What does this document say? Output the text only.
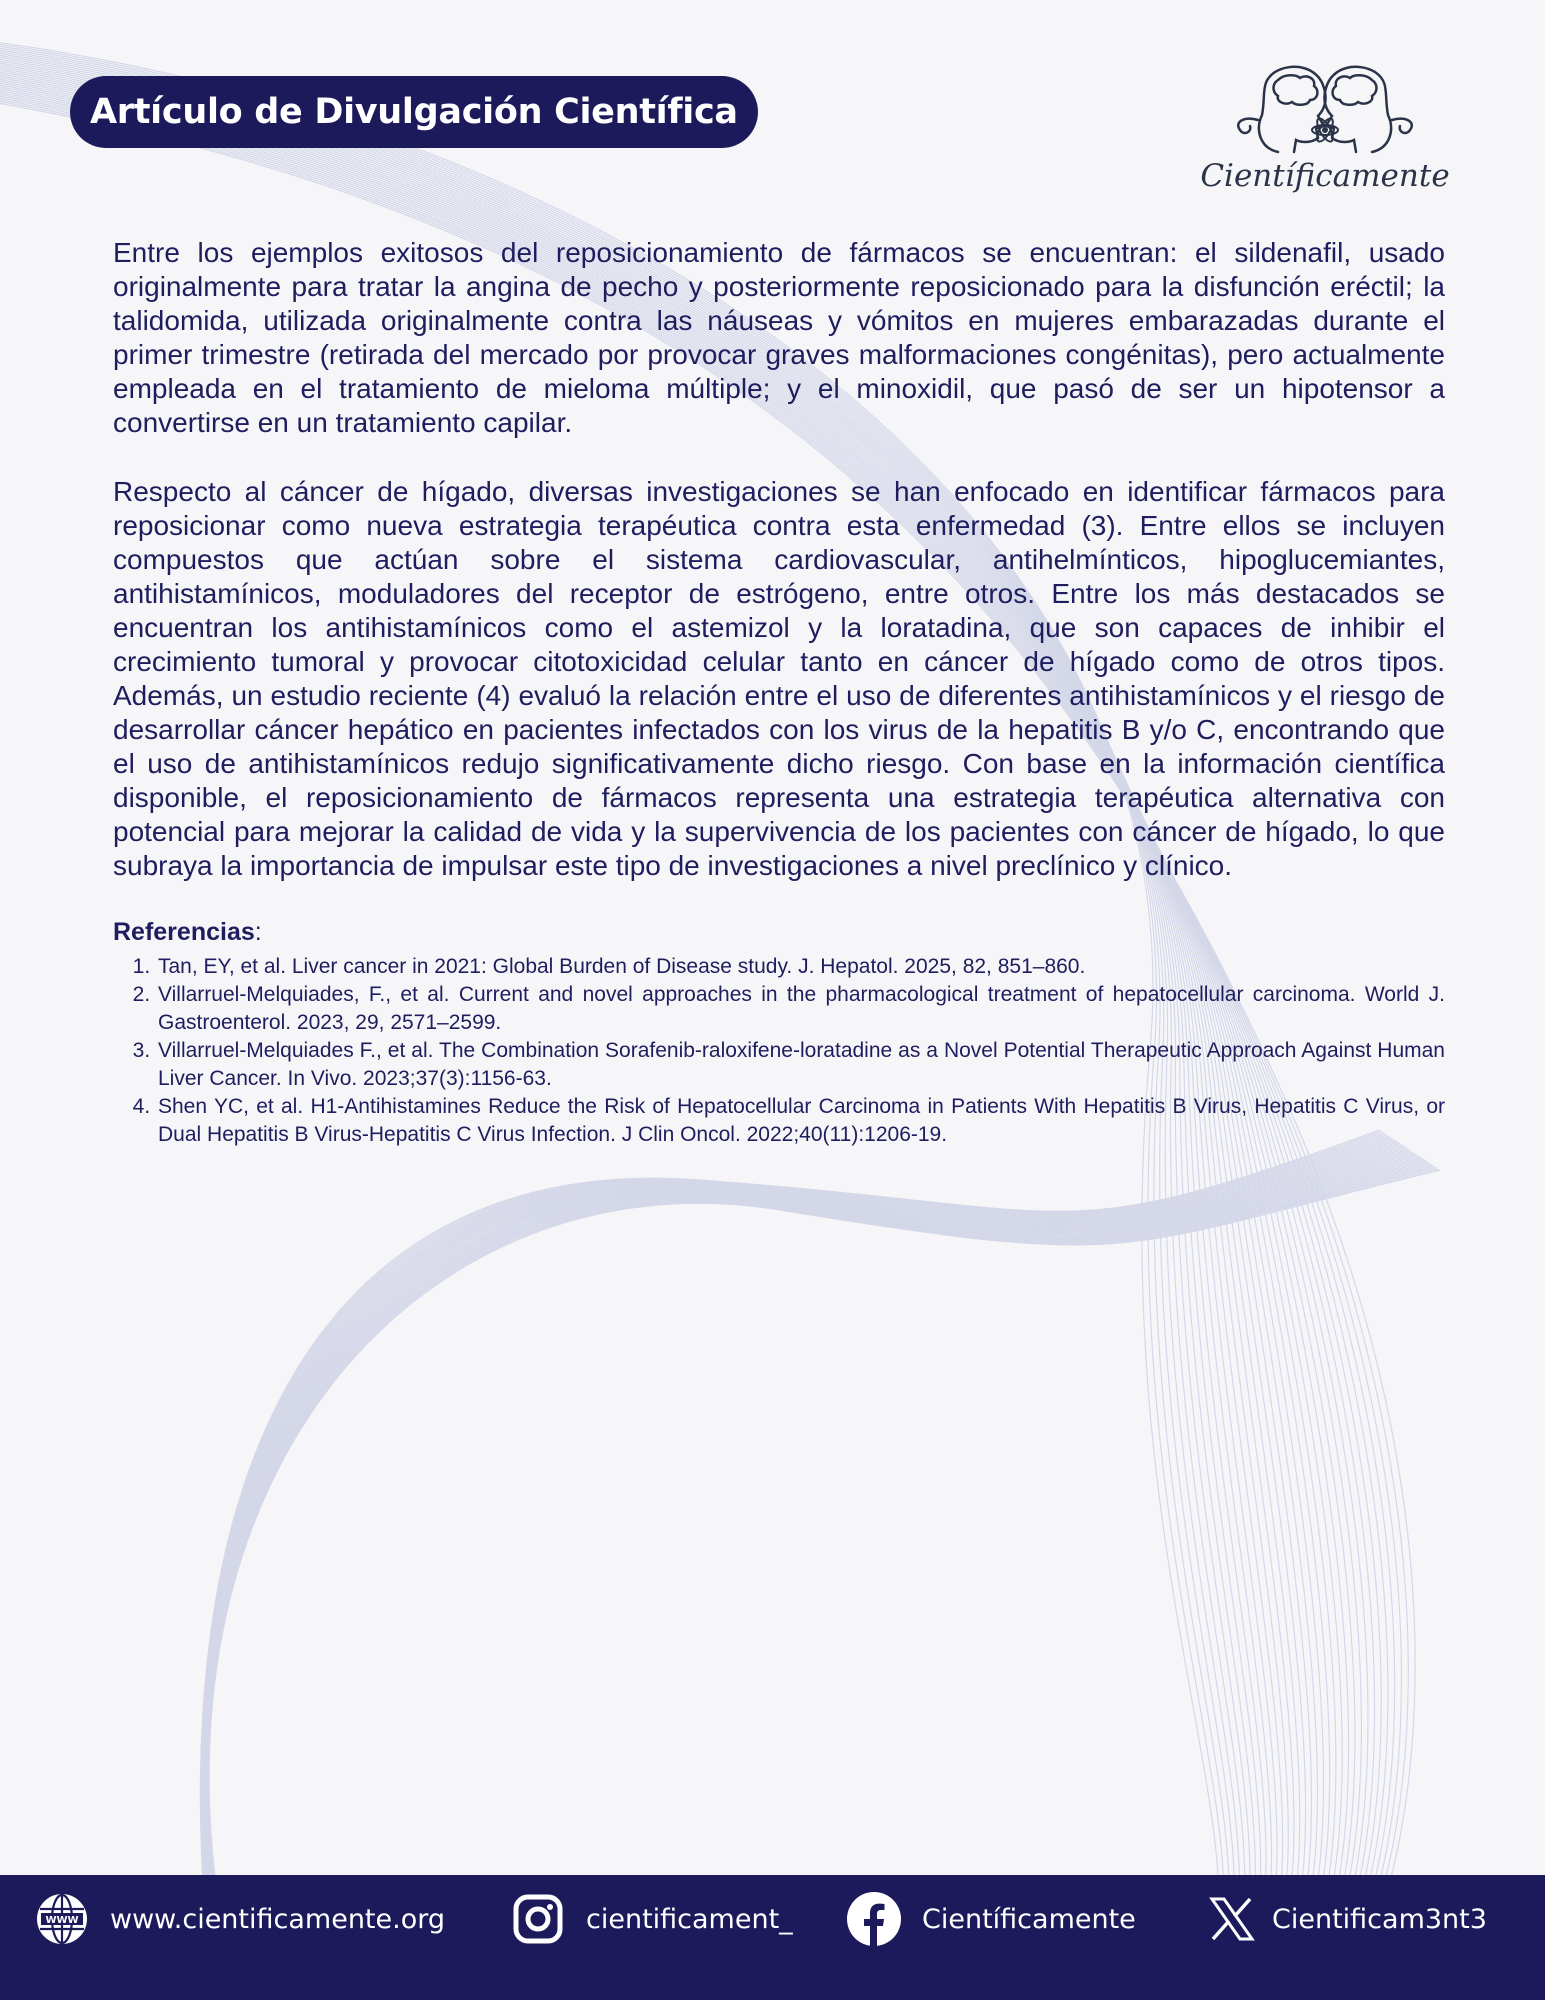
Artículo de Divulgación Científica
Científicamente

Entre los ejemplos exitosos del reposicionamiento de fármacos se encuentran: el sildenafil, usado originalmente para tratar la angina de pecho y posteriormente reposicionado para la disfunción eréctil; la talidomida, utilizada originalmente contra las náuseas y vómitos en mujeres embarazadas durante el primer trimestre (retirada del mercado por provocar graves malformaciones congénitas), pero actualmente empleada en el tratamiento de mieloma múltiple; y el minoxidil, que pasó de ser un hipotensor a convertirse en un tratamiento capilar.

Respecto al cáncer de hígado, diversas investigaciones se han enfocado en identificar fármacos para reposicionar como nueva estrategia terapéutica contra esta enfermedad (3). Entre ellos se incluyen compuestos que actúan sobre el sistema cardiovascular, antihelmínticos, hipoglucemiantes, antihistamínicos, moduladores del receptor de estrógeno, entre otros. Entre los más destacados se encuentran los antihistamínicos como el astemizol y la loratadina, que son capaces de inhibir el crecimiento tumoral y provocar citotoxicidad celular tanto en cáncer de hígado como de otros tipos. Además, un estudio reciente (4) evaluó la relación entre el uso de diferentes antihistamínicos y el riesgo de desarrollar cáncer hepático en pacientes infectados con los virus de la hepatitis B y/o C, encontrando que el uso de antihistamínicos redujo significativamente dicho riesgo. Con base en la información científica disponible, el reposicionamiento de fármacos representa una estrategia terapéutica alternativa con potencial para mejorar la calidad de vida y la supervivencia de los pacientes con cáncer de hígado, lo que subraya la importancia de impulsar este tipo de investigaciones a nivel preclínico y clínico.

Referencias:
1. Tan, EY, et al. Liver cancer in 2021: Global Burden of Disease study. J. Hepatol. 2025, 82, 851–860.
2. Villarruel-Melquiades, F., et al. Current and novel approaches in the pharmacological treatment of hepatocellular carcinoma. World J. Gastroenterol. 2023, 29, 2571–2599.
3. Villarruel-Melquiades F., et al. The Combination Sorafenib-raloxifene-loratadine as a Novel Potential Therapeutic Approach Against Human Liver Cancer. In Vivo. 2023;37(3):1156-63.
4. Shen YC, et al. H1-Antihistamines Reduce the Risk of Hepatocellular Carcinoma in Patients With Hepatitis B Virus, Hepatitis C Virus, or Dual Hepatitis B Virus-Hepatitis C Virus Infection. J Clin Oncol. 2022;40(11):1206-19.
WWW www.cientificamente.org	cientificament_	Científicamente	Cientificam3nt3
